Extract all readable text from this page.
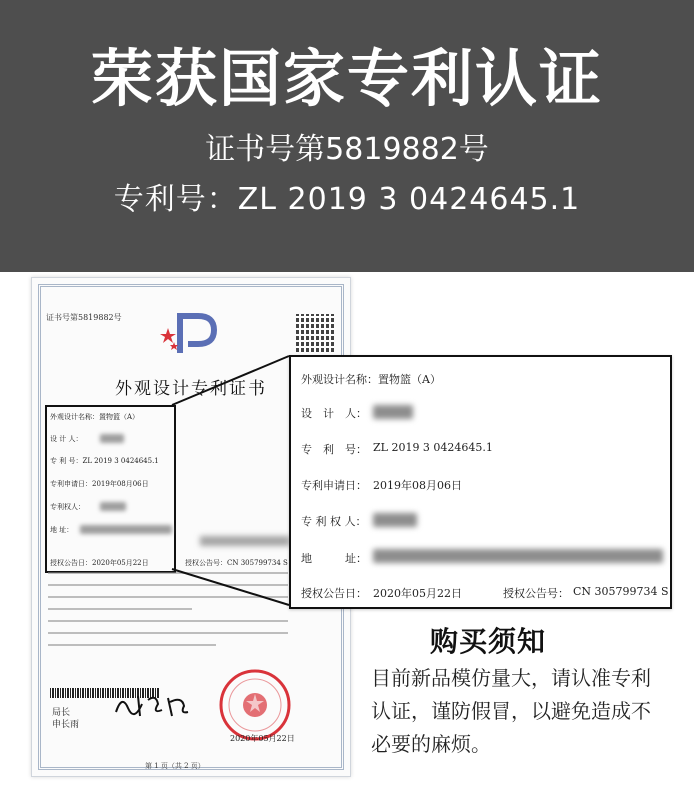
荣获国家专利认证
证书号第5819882号
专利号：ZL 2019 3 0424645.1
证书号第5819882号
外观设计专利证书
外观设计名称：置物篮（A）
设 计 人：
专 利 号：ZL 2019 3 0424645.1
专利申请日：2019年08月06日
专利权人：
地 址：
授权公告日：2020年05月22日	授权公告号：CN 305799734 S
局长
申长雨
2020年05月22日
第 1 页（共 2 页）
外观设计名称：置物篮（A）
设　计　人：
专　利　号： ZL 2019 3 0424645.1
专利申请日： 2019年08月06日
专 利 权 人：
地　　　址：
授权公告日： 2020年05月22日	授权公告号： CN 305799734 S
购买须知
目前新品模仿量大，请认准专利
认证，谨防假冒，以避免造成不
必要的麻烦。
